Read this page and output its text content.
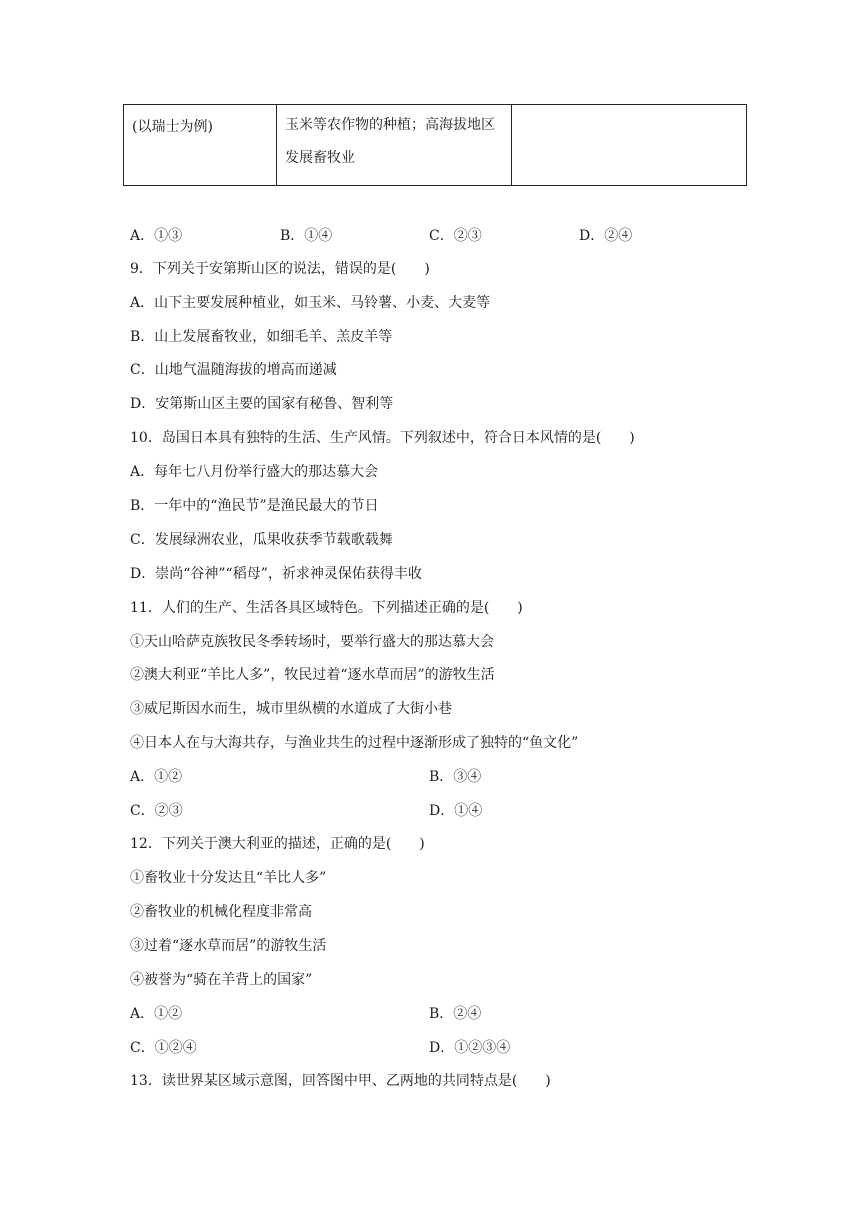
(以瑞士为例)	玉米等农作物的种植；高海拔地区发展畜牧业	
A．①③	B．①④	C．②③	D．②④
9．下列关于安第斯山区的说法，错误的是(　　)
A．山下主要发展种植业，如玉米、马铃薯、小麦、大麦等
B．山上发展畜牧业，如细毛羊、羔皮羊等
C．山地气温随海拔的增高而递减
D．安第斯山区主要的国家有秘鲁、智利等
10．岛国日本具有独特的生活、生产风情。下列叙述中，符合日本风情的是(　　)
A．每年七八月份举行盛大的那达慕大会
B．一年中的“渔民节”是渔民最大的节日
C．发展绿洲农业，瓜果收获季节载歌载舞
D．崇尚“谷神”“稻母”，祈求神灵保佑获得丰收
11．人们的生产、生活各具区域特色。下列描述正确的是(　　)
①天山哈萨克族牧民冬季转场时，要举行盛大的那达慕大会
②澳大利亚“羊比人多”，牧民过着“逐水草而居”的游牧生活
③威尼斯因水而生，城市里纵横的水道成了大街小巷
④日本人在与大海共存，与渔业共生的过程中逐渐形成了独特的“鱼文化”
A．①②	B．③④
C．②③	D．①④
12．下列关于澳大利亚的描述，正确的是(　　)
①畜牧业十分发达且“羊比人多”
②畜牧业的机械化程度非常高
③过着“逐水草而居”的游牧生活
④被誉为“骑在羊背上的国家”
A．①②	B．②④
C．①②④	D．①②③④
13．读世界某区域示意图，回答图中甲、乙两地的共同特点是(　　)
